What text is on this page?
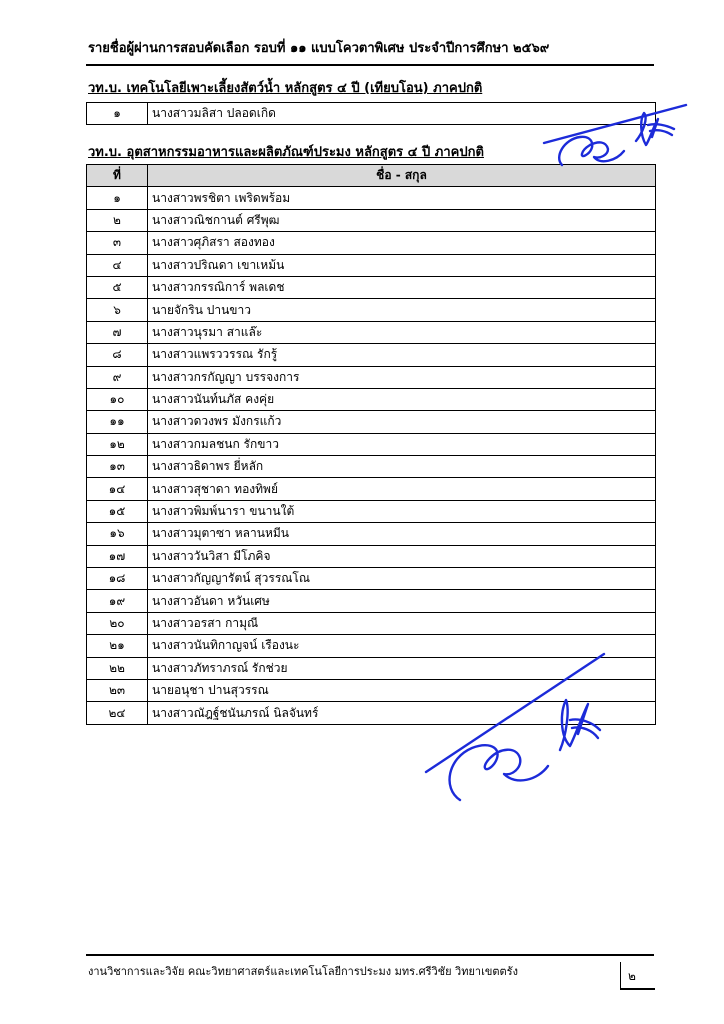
รายชื่อผู้ผ่านการสอบคัดเลือก รอบที่ ๑๑ แบบโควตาพิเศษ ประจำปีการศึกษา ๒๕๖๙
วท.บ. เทคโนโลยีเพาะเลี้ยงสัตว์น้ำ หลักสูตร ๔ ปี (เทียบโอน) ภาคปกติ
๑	นางสาวมลิสา ปลอดเกิด
วท.บ. อุตสาหกรรมอาหารและผลิตภัณฑ์ประมง หลักสูตร ๔ ปี ภาคปกติ
ที่	ชื่อ - สกุล
๑	นางสาวพรชิตา เพริดพร้อม
๒	นางสาวณิชกานต์ ศรีพุฒ
๓	นางสาวศุภิสรา สองทอง
๔	นางสาวปริณดา เขาเหม้น
๕	นางสาวกรรณิการ์ พลเดช
๖	นายจักริน ปานขาว
๗	นางสาวนุรมา สาแล๊ะ
๘	นางสาวแพรววรรณ รักรู้
๙	นางสาวกรกัญญา บรรจงการ
๑๐	นางสาวนันท์นภัส คงคุ่ย
๑๑	นางสาวดวงพร มังกรแก้ว
๑๒	นางสาวกมลชนก รักขาว
๑๓	นางสาวธิดาพร ยี่หลัก
๑๔	นางสาวสุชาดา ทองทิพย์
๑๕	นางสาวพิมพ์นารา ขนานใต้
๑๖	นางสาวมุตาซา หลานหมีน
๑๗	นางสาววันวิสา มีโภคิจ
๑๘	นางสาวกัญญารัตน์ สุวรรณโณ
๑๙	นางสาวอันดา หวันเศษ
๒๐	นางสาวอรสา กามุณี
๒๑	นางสาวนันทิกาญจน์ เรืองนะ
๒๒	นางสาวภัทราภรณ์ รักช่วย
๒๓	นายอนุชา ปานสุวรรณ
๒๔	นางสาวณัฎฐ์ชนันภรณ์ นิลจันทร์
งานวิชาการและวิจัย คณะวิทยาศาสตร์และเทคโนโลยีการประมง มทร.ศรีวิชัย วิทยาเขตตรัง	๒
